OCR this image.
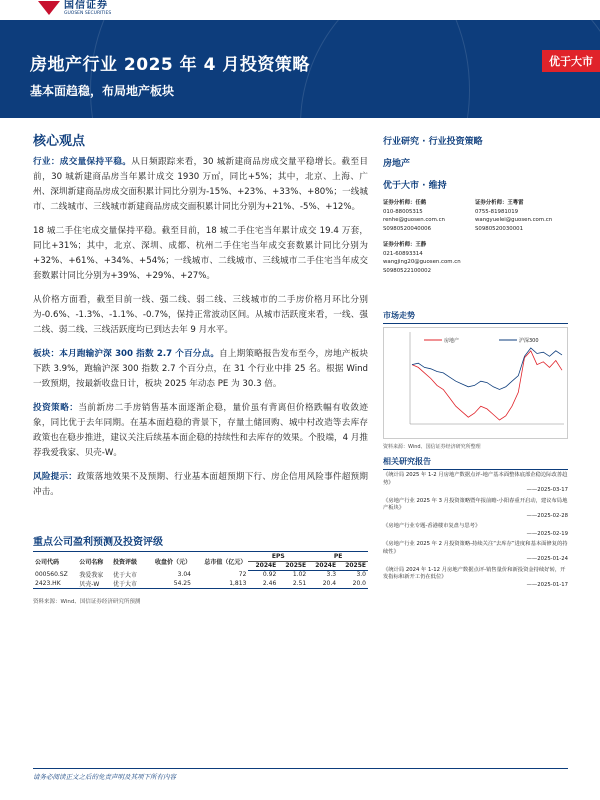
国信证券
GUOSEN SECURITIES
房地产行业 2025 年 4 月投资策略
基本面趋稳，布局地产板块
优于大市
核心观点

行业：成交量保持平稳。从日频跟踪来看，30 城新建商品房成交量平稳增长。截至目前，30 城新建商品房当年累计成交 1930 万㎡，同比+5%；其中，北京、上海、广州、深圳新建商品房成交面积累计同比分别为-15%、+23%、+33%、+80%；一线城市、二线城市、三线城市新建商品房成交面积累计同比分别为+21%、-5%、+12%。

18 城二手住宅成交量保持平稳。截至目前，18 城二手住宅当年累计成交 19.4 万套，同比+31%；其中，北京、深圳、成都、杭州二手住宅当年成交套数累计同比分别为+32%、+61%、+34%、+54%；一线城市、二线城市、三线城市二手住宅当年成交套数累计同比分别为+39%、+29%、+27%。

从价格方面看，截至目前一线、强二线、弱二线、三线城市的二手房价格月环比分别为-0.6%、-1.3%、-1.1%、-0.7%，保持正常波动区间。从城市活跃度来看，一线、强二线、弱二线、三线活跃度均已到达去年 9 月水平。

板块：本月跑输沪深 300 指数 2.7 个百分点。自上期策略报告发布至今，房地产板块下跌 3.9%，跑输沪深 300 指数 2.7 个百分点，在 31 个行业中排 25 名。根据 Wind 一致预期，按最新收盘日计，板块 2025 年动态 PE 为 30.3 倍。

投资策略：当前新房二手房销售基本面逐渐企稳，量价虽有背离但价格跌幅有收敛迹象，同比优于去年同期。在基本面趋稳的背景下，存量土储回购、城中村改造等去库存政策也在稳步推进，建议关注后续基本面企稳的持续性和去库存的效果。个股端，4 月推荐我爱我家、贝壳-W。

风险提示：政策落地效果不及预期、行业基本面超预期下行、房企信用风险事件超预期冲击。

重点公司盈利预测及投资评级
公司代码	公司名称	投资评级	收盘价（元）	总市值（亿元）	EPS		PE	
					2024E	2025E	2024E	2025E
000560.SZ	我爱我家	优于大市	3.04	72	0.92	1.02	3.3	3.0
2423.HK	贝壳-W	优于大市	54.25	1,813	2.46	2.51	20.4	20.0
资料来源：Wind、国信证券经济研究所预测
行业研究 · 行业投资策略
房地产
优于大市 · 维持
证券分析师：任鹤
010-88005315
renhe@guosen.com.cn
S0980520040006
证券分析师：王粤雷
0755-81981019
wangyuelei@guosen.com.cn
S0980520030001
证券分析师：王静
021-60893314
wangjing20@guosen.com.cn
S0980522100002
市场走势
房地产	沪深300
资料来源：Wind、国信证券经济研究所整理
相关研究报告
《统计局 2025 年 1-2 月房地产数据点评-地产基本面整体底部企稳边际改善趋势》
——2025-03-17
《房地产行业 2025 年 3 月投资策略暨年报前瞻-小阳春重开启动，建议布局地产板块》
——2025-02-28
《房地产行业专题-香港楼市复盘与思考》
——2025-02-19
《房地产行业 2025 年 2 月投资策略-持续关注“去库存”进度和基本面修复的持续性》
——2025-01-24
《统计局 2024 年 1-12 月房地产数据点评-销售量价和新投资金持续好转，开发指标和新开工仍在低位》
——2025-01-17
请务必阅读正文之后的免责声明及其项下所有内容
